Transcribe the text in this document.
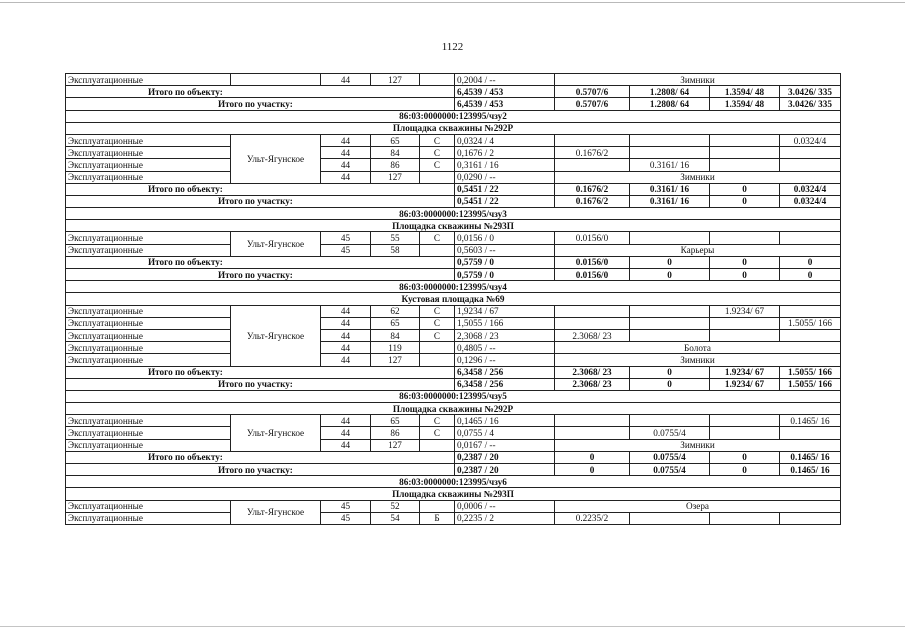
1122
Эксплуатационные		44	127		0,2004 / --	Зимники			
Итого по объекту:					6,4539 / 453	0.5707/6	1.2808/ 64	1.3594/ 48	3.0426/ 335
Итого по участку:					6,4539 / 453	0.5707/6	1.2808/ 64	1.3594/ 48	3.0426/ 335
86:03:0000000:123995/чзу2									
Площадка скважины №292Р									
Эксплуатационные	Ульт-Ягунское	44	65	С	0,0324 / 4				0.0324/4
Эксплуатационные		44	84	С	0,1676 / 2	0.1676/2			
Эксплуатационные		44	86	С	0,3161 / 16		0.3161/ 16		
Эксплуатационные		44	127		0,0290 / --	Зимники			
Итого по объекту:					0,5451 / 22	0.1676/2	0.3161/ 16	0	0.0324/4
Итого по участку:					0,5451 / 22	0.1676/2	0.3161/ 16	0	0.0324/4
86:03:0000000:123995/чзу3									
Площадка скважины №293П									
Эксплуатационные	Ульт-Ягунское	45	55	С	0,0156 / 0	0.0156/0			
Эксплуатационные		45	58		0,5603 / --	Карьеры			
Итого по объекту:					0,5759 / 0	0.0156/0	0	0	0
Итого по участку:					0,5759 / 0	0.0156/0	0	0	0
86:03:0000000:123995/чзу4									
Кустовая площадка №69									
Эксплуатационные	Ульт-Ягунское	44	62	С	1,9234 / 67			1.9234/ 67	
Эксплуатационные		44	65	С	1,5055 / 166				1.5055/ 166
Эксплуатационные		44	84	С	2,3068 / 23	2.3068/ 23			
Эксплуатационные		44	119		0,4805 / --	Болота			
Эксплуатационные		44	127		0,1296 / --	Зимники			
Итого по объекту:					6,3458 / 256	2.3068/ 23	0	1.9234/ 67	1.5055/ 166
Итого по участку:					6,3458 / 256	2.3068/ 23	0	1.9234/ 67	1.5055/ 166
86:03:0000000:123995/чзу5									
Площадка скважины №292Р									
Эксплуатационные	Ульт-Ягунское	44	65	С	0,1465 / 16				0.1465/ 16
Эксплуатационные		44	86	С	0,0755 / 4		0.0755/4		
Эксплуатационные		44	127		0,0167 / --	Зимники			
Итого по объекту:					0,2387 / 20	0	0.0755/4	0	0.1465/ 16
Итого по участку:					0,2387 / 20	0	0.0755/4	0	0.1465/ 16
86:03:0000000:123995/чзу6									
Площадка скважины №293П									
Эксплуатационные	Ульт-Ягунское	45	52		0,0006 / --	Озера			
Эксплуатационные		45	54	Б	0,2235 / 2	0.2235/2			
